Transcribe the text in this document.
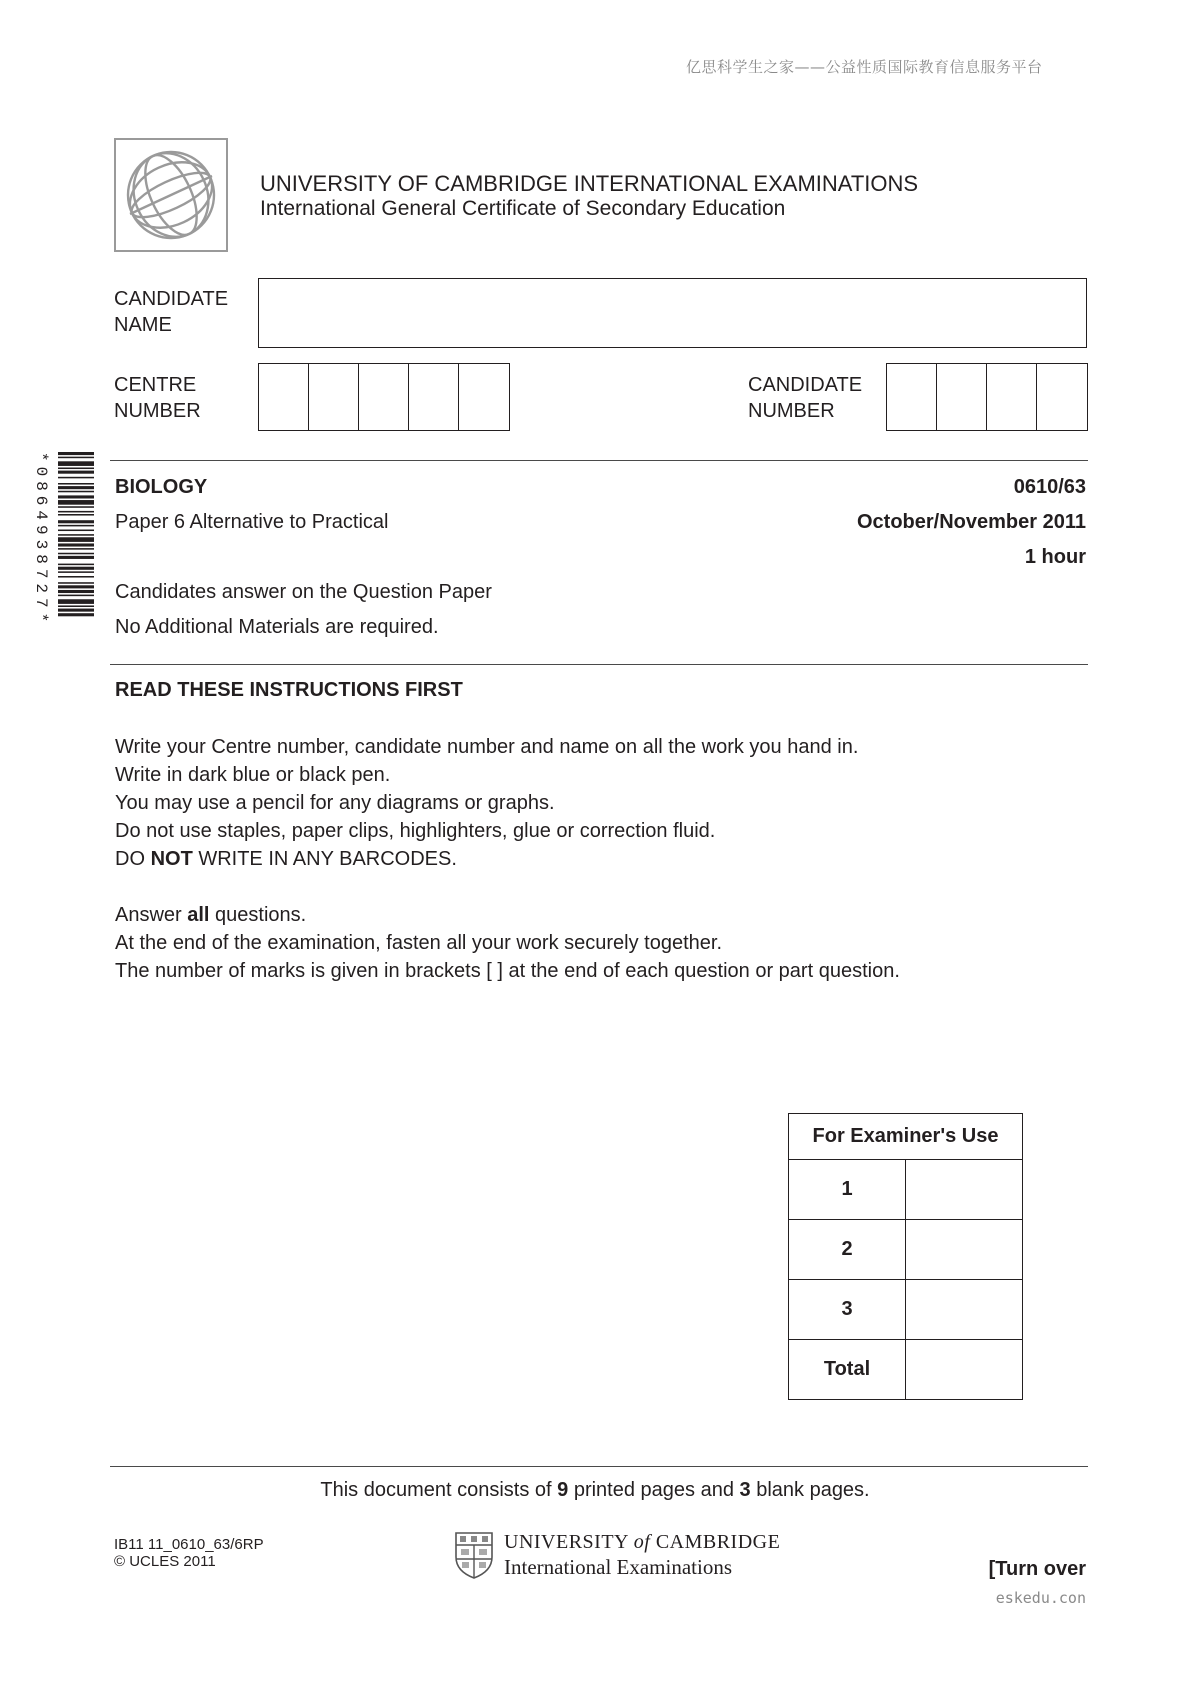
亿思科学生之家——公益性质国际教育信息服务平台
UNIVERSITY OF CAMBRIDGE INTERNATIONAL EXAMINATIONS
International General Certificate of Secondary Education
CANDIDATE
NAME
CENTRE
NUMBER
CANDIDATE
NUMBER
*0864938727*	BIOLOGY	0610/63
Paper 6 Alternative to Practical	October/November 2011
1 hour
Candidates answer on the Question Paper
No Additional Materials are required.
READ THESE INSTRUCTIONS FIRST
Write your Centre number, candidate number and name on all the work you hand in.
Write in dark blue or black pen.
You may use a pencil for any diagrams or graphs.
Do not use staples, paper clips, highlighters, glue or correction fluid.
DO NOT WRITE IN ANY BARCODES.
Answer all questions.
At the end of the examination, fasten all your work securely together.
The number of marks is given in brackets [ ] at the end of each question or part question.
For Examiner's Use	
1	
2	
3	
Total	
This document consists of 9 printed pages and 3 blank pages.
IB11 11_0610_63/6RP
© UCLES 2011
UNIVERSITY of CAMBRIDGE
International Examinations	[Turn over
eskedu.con
